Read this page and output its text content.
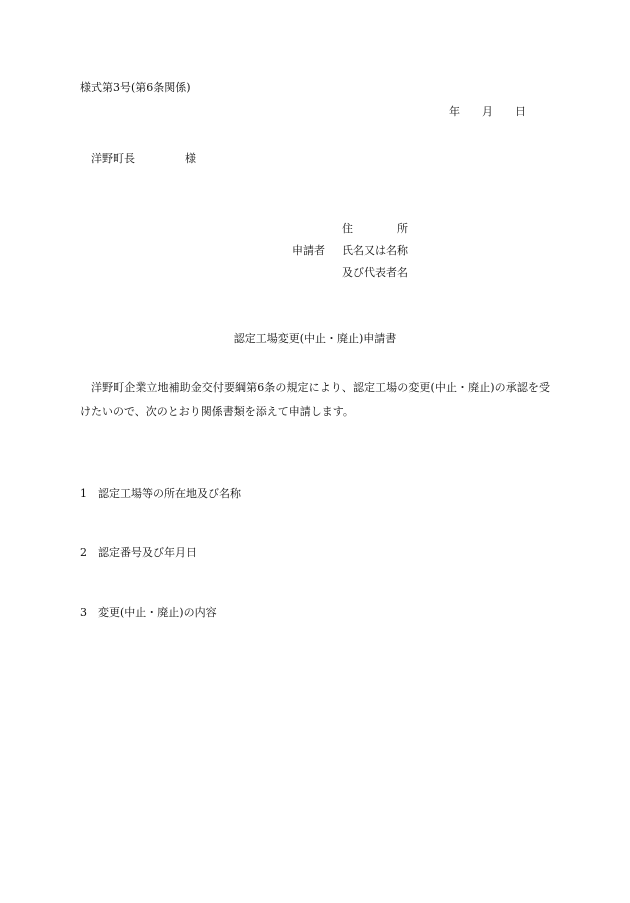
様式第3号(第6条関係)
年 月 日
洋野町長	様
住	所
申請者	氏名又は名称
及び代表者名
認定工場変更(中止・廃止)申請書
洋野町企業立地補助金交付要綱第6条の規定により、認定工場の変更(中止・廃止)の承認を受けたいので、次のとおり関係書類を添えて申請します。
1 認定工場等の所在地及び名称
2 認定番号及び年月日
3 変更(中止・廃止)の内容
